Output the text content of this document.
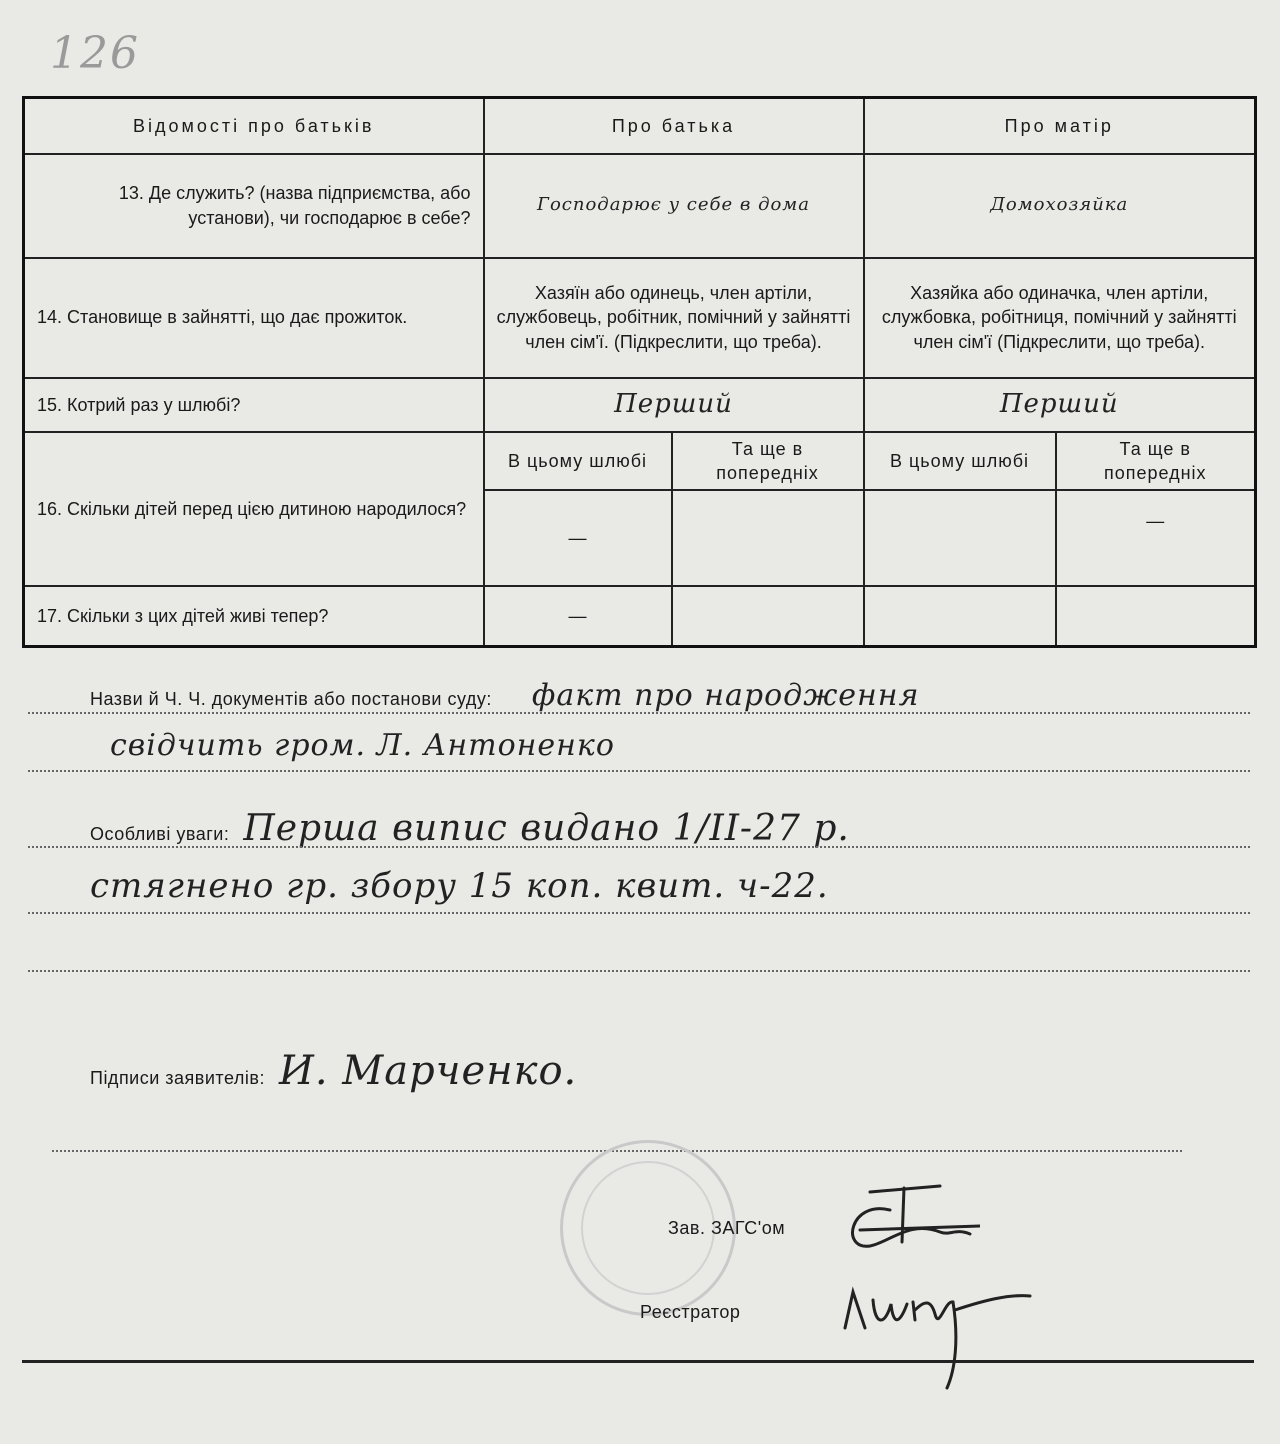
126
Відомості про батьків	Про батька		Про матір	
13. Де служить? (назва підприємства, або установи), чи господарює в себе?	Господарює у себе в дома		Домохозяйка	
14. Становище в зайнятті, що дає прожиток.	Хазяїн або одинець, член артіли, службовець, робітник, помічний у зайнятті член сім'ї. (Підкреслити, що треба).		Хазяйка або одиначка, член артіли, службовка, робітниця, помічний у зайнятті член сім'ї (Підкреслити, що треба).	
15. Котрий раз у шлюбі?	Перший		Перший	
16. Скільки дітей перед цією дитиною народилося?	В цьому шлюбі	Та ще в попередніх	В цьому шлюбі	Та ще в попередніх
	—			—
17. Скільки з цих дітей живі тепер?	—			
Назви й Ч. Ч. документів або постанови суду: факт про народження
свідчить гром. Л. Антоненко
Особливі уваги: Перша випис видано 1/II-27 р.
стягнено гр. збору 15 коп. квит. ч-22.
Підписи заявителів: И. Марченко.
Зав. ЗАГС'ом
Реєстратор
